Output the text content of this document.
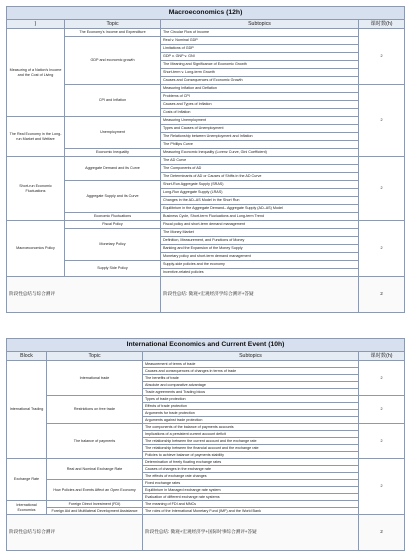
Macroeconomics (12h)			
)	Topic	Subtopics	课时数(h)
Measuring of a Nation's Income and the Cost of Living	The Economy's Income and Expenditure	The Circular Flow of Income	2
	GDP and economic growth	Real v. Nominal GDP	
		Limitations of GDP	
		GDP v. GNP v. GNI	
		The Meaning and Significance of Economic Growth	
		Short-term v. Long-term Growth	
		Causes and Consequences of Economic Growth	
	CPI and Inflation	Measuring Inflation and Deflation	2
		Problems of CPI	
		Causes and Types of Inflation	
		Costs of Inflation	
The Real Economy in the Long-run Market and Welfare	Unemployment	Measuring Unemployment	
		Types and Causes of Unemployment	
		The Relationship between Unemployment and Inflation	
		The Phillips Curve	
	Economic Inequality	Measuring Economic Inequality (Lorenz Curve, Gini Coefficient)	
Short-run Economic Fluctuations	Aggregate Demand and its Curve	The AD Curve	2
		The Components of AD	
		The Determinants of AD or Causes of Shifts in the AD Curve	
	Aggregate Supply and its Curve	Short-Run Aggregate Supply (SRAS)	
		Long-Run Aggregate Supply (LRAS)	
		Changes in the AD–AS Model in the Short Run	
		Equilibrium in the Aggregate Demand– Aggregate Supply (AD–AS) Model	
	Economic Fluctuations	Business Cycle, Short-term Fluctuations and Long-term Trend	
Macroeconomics Policy	Fiscal Policy	Fiscal policy and short-term demand management	2
	Monetary Policy	The Money Market	
		Definition, Measurement, and Functions of Money	
		Banking and the Expansion of the Money Supply	
		Monetary policy and short-term demand management	
	Supply Side Policy	Supply-side policies and the economy	
		Incentive-related policies	
阶段性总结与综合测评		阶段性总结: 微观+宏观经济学综合测评+答疑	2
International Economics and Current Event (10h)			
Block	Topic	Subtopics	课时数(h)
International Trading	International trade	Measurement of terms of trade	2
		Causes and consequences of changes in terms of trade	
		The benefits of trade	
		Absolute and comparative advantage	
		Trade agreements and Trading blocs	
	Restrictions on free trade	Types of trade protection	2
		Effects of trade protection	
		Arguments for trade protection	
		Arguments against trade protection	
	The balance of payments	The components of the balance of payments accounts	2
		Implications of a persistent current account deficit	
		The relationship between the current account and the exchange rate	
		The relationship between the financial account and the exchange rate	
		Policies to achieve balance of payments stability	
Exchange Rate	Real and Nominal Exchange Rate	Determination of freely floating exchange rates	2
		Causes of changes in the exchange rate	
		The effects of exchange rate changes	
	How Policies and Events Affect an Open Economy	Fixed exchange rates	
		Equilibrium in Managed exchange rate system	
		Evaluation of different exchange rate systems	
International Economics	Foreign Direct Investment (FDI)	The meaning of FDI and MNCs	
	Foreign Aid and Multilateral Development Assistance	The roles of the International Monetary Fund (IMF) and the World Bank	
阶段性总结与综合测评		阶段性总结: 微观+宏观经济学+国际时事综合测评+答疑	2
